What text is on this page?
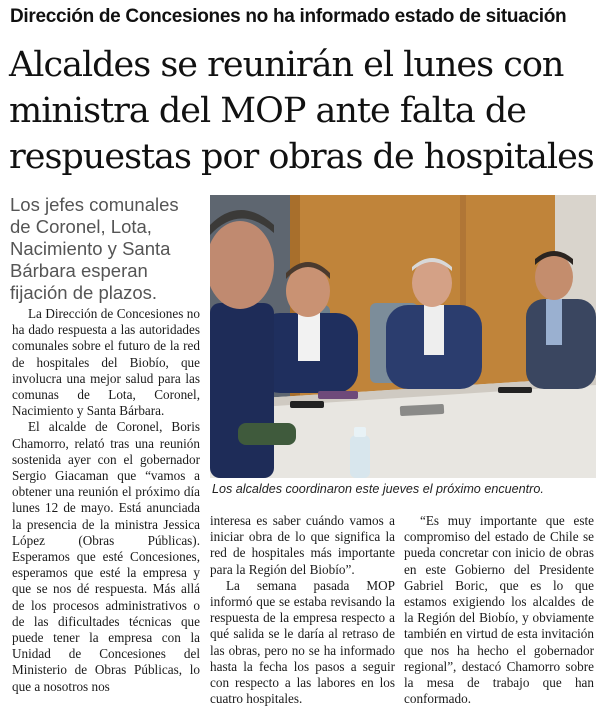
Dirección de Concesiones no ha informado estado de situación
Alcaldes se reunirán el lunes con
ministra del MOP ante falta de
respuestas por obras de hospitales
Los jefes comunales
de Coronel, Lota,
Nacimiento y Santa
Bárbara esperan
fijación de plazos.

La Dirección de Concesiones no ha dado respuesta a las autoridades comunales sobre el futuro de la red de hospitales del Biobío, que involucra una mejor salud para las comunas de Lota, Coronel, Nacimiento y Santa Bárbara.

El alcalde de Coronel, Boris Chamorro, relató tras una reunión sostenida ayer con el gobernador Sergio Giacaman que “vamos a obtener una reunión el próximo día lunes 12 de mayo. Está anunciada la presencia de la ministra Jessica López (Obras Públicas). Esperamos que esté Concesiones, esperamos que esté la empresa y que se nos dé respuesta. Más allá de los procesos administrativos o de las dificultades técnicas que puede tener la empresa con la Unidad de Concesiones del Ministerio de Obras Públicas, lo que a nosotros nos

Los alcaldes coordinaron este jueves el próximo encuentro.

interesa es saber cuándo vamos a iniciar obra de lo que significa la red de hospitales más importante para la Región del Biobío”.

La semana pasada MOP informó que se estaba revisando la respuesta de la empresa respecto a qué salida se le daría al retraso de las obras, pero no se ha informado hasta la fecha los pasos a seguir con respecto a las labores en los cuatro hospitales.

“Es muy importante que este compromiso del estado de Chile se pueda concretar con inicio de obras en este Gobierno del Presidente Gabriel Boric, que es lo que estamos exigiendo los alcaldes de la Región del Biobío, y obviamente también en virtud de esta invitación que nos ha hecho el gobernador regional”, destacó Chamorro sobre la mesa de trabajo que han conformado.
